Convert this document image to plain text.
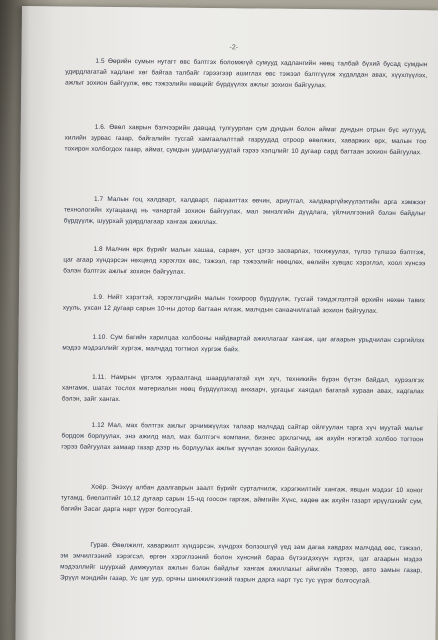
-2-

1.5 Өөрийн сумын нутагт өвс бэлтгэх боломжгүй сумууд хадлангийн нөөц талбай бүхий бусад сумдын удирдлагатай хадланг хөг байгаа талбайг гэрээгээр ашиглах өвс тэжээл бэлтгүүлж хүдалдан авах, хүүхлүүлэх, ажлыг зохион байгуулж, өвс тэжээлийн нөөцийг бүрдүүлэх ажлыг зохион байгуулах.

1.6. Өвөл хаврын бэлчээрийн давцад тулгуурлан сум дундын болон аймаг дундын отрын бүс нутгууд, хилийн зурвас газар, байгалийн тусгай хамгаалалттай газруудад отроор өвөлжих, хаваржих өрх, малын тоо тохирон холбогдох газар, аймаг, сумдын удирдлагуудтай гэрээ хэлцлийг 10 дугаар сард багтаан зохион байгуулах.

1.7 Малын гоц халдварт, халдварт, паразиттах өвчин, ариутгал, халдваргүйжүүлэлтийн арга хэмжээг технологийн хугацаанд нь чанартай зохион байгуулах, мал эмнэлгийн дүүдлага, үйлчилгээний бэлэн байдлыг бүрдүүлж, шуурхай удирдлагаар хангаж ажиллах.

1.8 Малчин өрх бүрийг малын хашаа, саравч, уст цэгээ засварлах, тохижуулах, түлээ түлшээ бэлтгэж, цаг агаар хүндэрсэн нөхцөлд хэрэглэх өвс, тэжээл, гар тэжээлийг нөөцлөх, өөлийн хувцас хэрэглэл, хоол хүнсээ бэлэн бэлтгэх ажлыг зохион байгуулах.

1.9. Нийт хэрэгтэй, хэрэглэгчдийн малын тохироор бүрдүүлж, тусгай тэмдэглэлтэй өрхийн нөхөн тавих хууль, ухсан 12 дугаар сарын 10-ны дотор багтаан ялгаж, малчдын санаачилгатай зохион байгуулах.

1.10. Сум багийн харилцаа холбооны найдвартай ажиллагааг хангаж, цаг агаарын урьдчилан сэргийлэх мэдээ мэдээллийг хүргэж, малчдад тогтмол хүргэж байх.

1.11. Намрын үргэлж хураалтанд шаардлагатай хүн хүч, техникийн бүрэн бүтэн байдал, хурээлгэх хангамж, шатах тослох материалын нөөц бүрдүүлэхэд анхаарч, ургацыг хаягдал багатай хураан авах, хадгалах бэлэн, зайг хангах.

1.12 Мал, мах бэлтгэх ажлыг эрчимжүүлэх талаар малчдад сайтар ойлгуулан тарга хүч муутай малыг бордож борлуулах, энэ ажилд мал, мах бэлтгэгч компани, бизнес эрхлэгчид, аж ахуйн нэгжтэй холбоо тогтоон гэрээ байгуулах замаар газар дээр нь борлуулах ажлыг зүүчлан зохион байгуулах.

Хоёр. Энэхүү албан даалгаврын заалт бүрийг сурталчилж, хэрэгжилтийг хангаж, явцын мэдээг 10 хоног тутамд, биелэлтийг 10,12 дугаар сарын 15-нд гоосон гаргаж, аймгийн Хүнс, хөдөө аж ахуйн газарт ирүүлэхийг сум, багийн Засаг дарга нарт үүрэг болгосугай.

Гурав. Өвөлжилт, хаваржилт хүндэрсэн, хүндрэх болзошгүй үед зам дагаа хавдрах малчдад өвс, тэжээл, эм эмчилгээний хэрэгсэл, өргөн хэрэглээний болон хүнсний бараа бүтээгдэхүүн хүргэх, цаг агаарын мэдээ мэдээллийг шуурхай дамжуулах ажлын бэлэн байдлыг хангаж ажиллахыг аймгийн Тээвэр, авто замын газар, Эрүүл мэндийн газар, Ус цаг уур, орчны шинжилгээний газрын дарга нарт тус тус үүрэг болгосугай.
